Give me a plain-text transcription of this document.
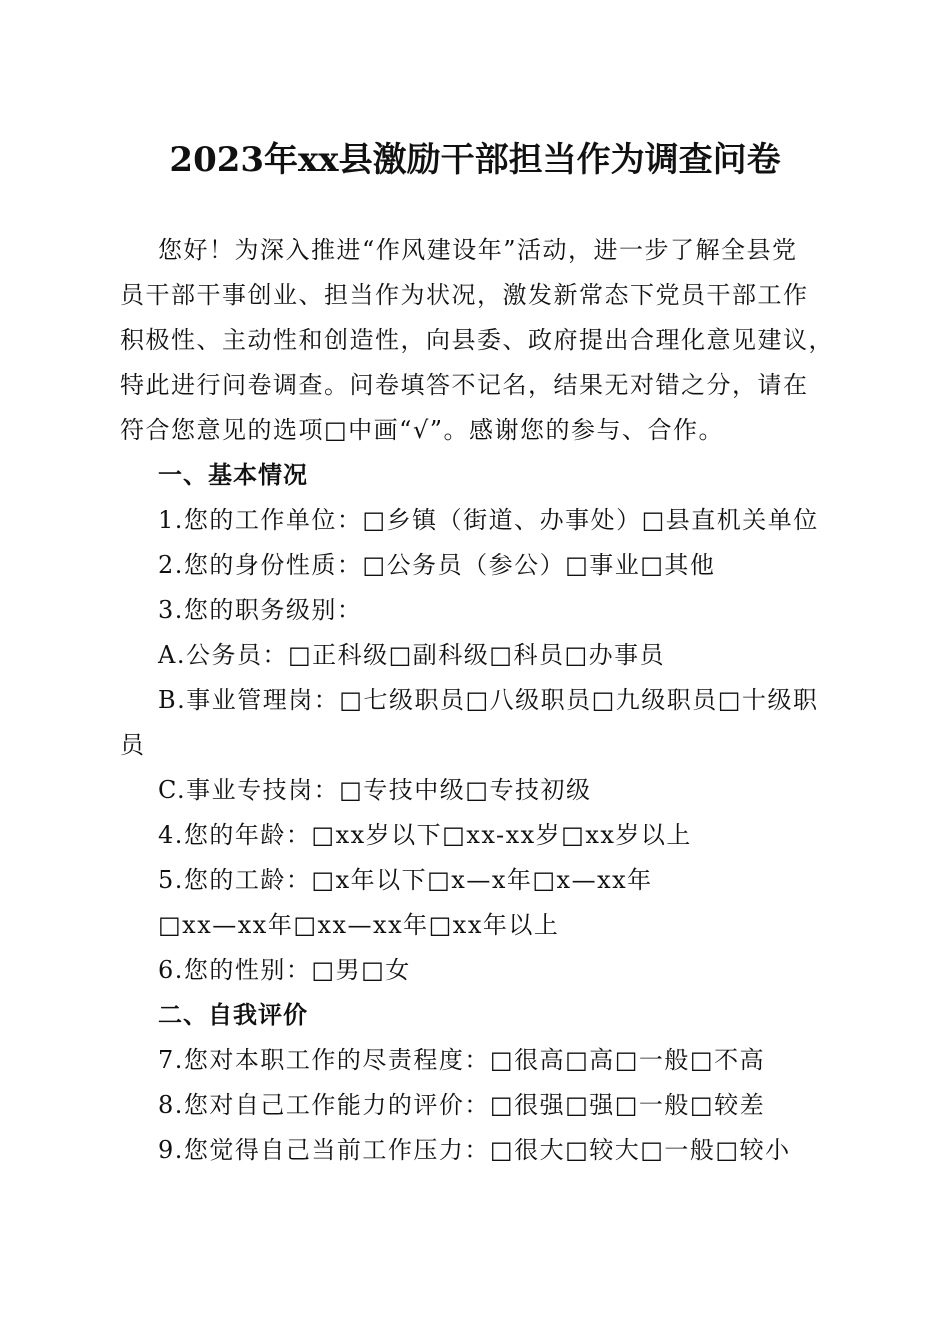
2023年xx县激励干部担当作为调查问卷
您好！为深入推进“作风建设年”活动，进一步了解全县党
员干部干事创业、担当作为状况，激发新常态下党员干部工作
积极性、主动性和创造性，向县委、政府提出合理化意见建议，
特此进行问卷调查。问卷填答不记名，结果无对错之分，请在
符合您意见的选项□中画“√”。感谢您的参与、合作。
一、基本情况
1.您的工作单位：□乡镇（街道、办事处）□县直机关单位
2.您的身份性质：□公务员（参公）□事业□其他
3.您的职务级别：
A.公务员：□正科级□副科级□科员□办事员
B.事业管理岗：□七级职员□八级职员□九级职员□十级职
员
C.事业专技岗：□专技中级□专技初级
4.您的年龄：□xx岁以下□xx-xx岁□xx岁以上
5.您的工龄：□x年以下□x—x年□x—xx年
□xx—xx年□xx—xx年□xx年以上
6.您的性别：□男□女
二、自我评价
7.您对本职工作的尽责程度：□很高□高□一般□不高
8.您对自己工作能力的评价：□很强□强□一般□较差
9.您觉得自己当前工作压力：□很大□较大□一般□较小
